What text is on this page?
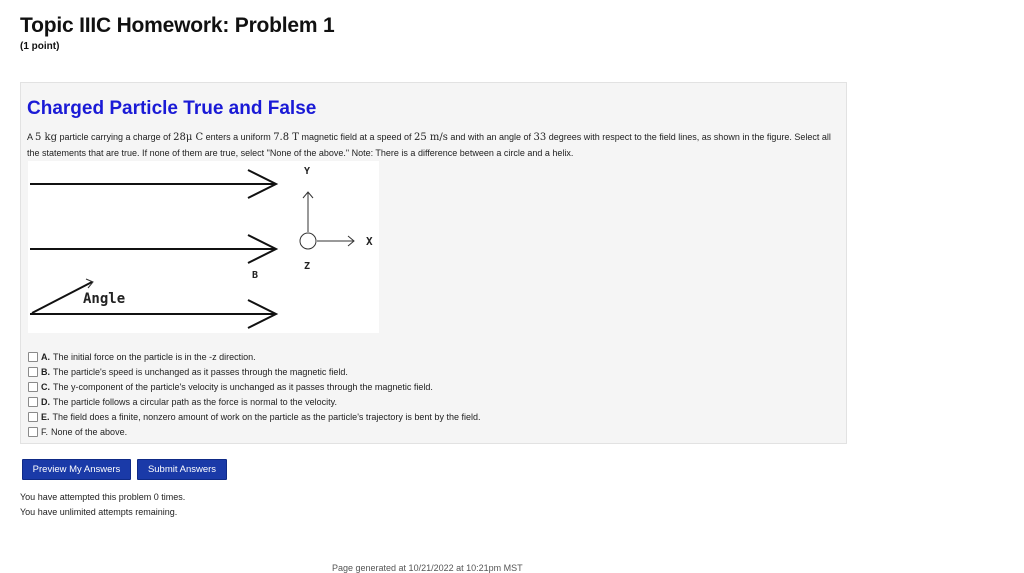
Topic IIIC Homework: Problem 1
(1 point)
Charged Particle True and False
A 5 kg particle carrying a charge of 28μ C enters a uniform 7.8 T magnetic field at a speed of 25 m/s and with an angle of 33 degrees with respect to the field lines, as shown in the figure. Select all the statements that are true. If none of them are true, select "None of the above." Note: There is a difference between a circle and a helix.
Y
X
Z
B
Angle
A. The initial force on the particle is in the -z direction.
B. The particle's speed is unchanged as it passes through the magnetic field.
C. The y-component of the particle's velocity is unchanged as it passes through the magnetic field.
D. The particle follows a circular path as the force is normal to the velocity.
E. The field does a finite, nonzero amount of work on the particle as the particle's trajectory is bent by the field.
F. None of the above.
Preview My Answers	Submit Answers
You have attempted this problem 0 times.
You have unlimited attempts remaining.
Page generated at 10/21/2022 at 10:21pm MST
